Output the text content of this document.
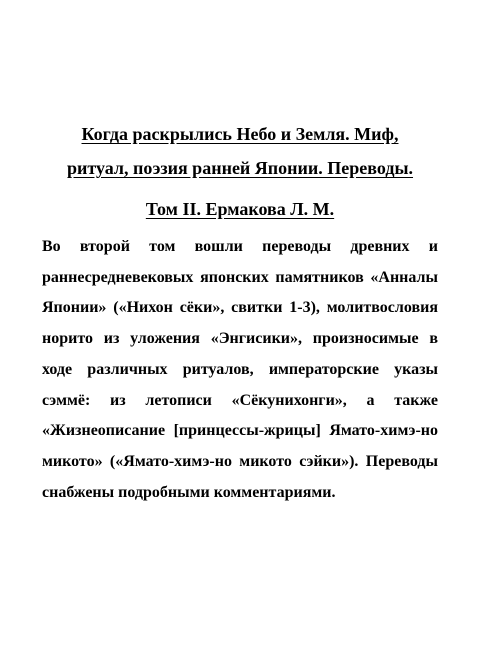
Когда раскрылись Небо и Земля. Миф,

ритуал, поэзия ранней Японии. Переводы.

Том II. Ермакова Л. М.

Во второй том вошли переводы древних и раннесредневековых японских памятников «Анналы Японии» («Нихон сёки», свитки 1-3), молитвословия норито из уложения «Энгисики», произносимые в ходе различных ритуалов, императорские указы сэммё: из летописи «Сёкунихонги», а также «Жизнеописание [принцессы-жрицы] Ямато-химэ-но микото» («Ямато-химэ-но микото сэйки»). Переводы снабжены подробными комментариями.
